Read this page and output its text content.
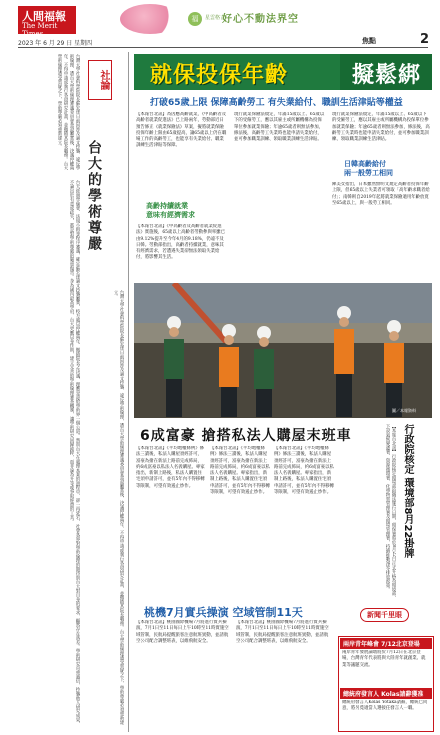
人間福報
The Merit Times
2023 年 6 月 29 日 星期四
福	星雲格言
好心不動法界空
焦點	2
社論
台大的學術尊嚴
台灣大學社會科學院院長蘇宏達日前因涉及論文抄襲、違反學術倫理，遭台大學術倫理審議委員會查證屬實後，決議停權兩年、不得申請或執行各項研究計畫，並撤銷其院長職務。台大學術倫理遭受質疑之下，學術尊嚴必須重新建立。
台大經過學倫會、法規小組等程序審議，確定蘇宏達論文抄襲屬實，校方處以停權兩年、撤銷院長之決議，理應是還給學術界一個公道。然而台大在處理本案的過程中，卻一再延宕，社會各界對學術倫理的期待與台大對自身的要求，顯然存在落差。學術研究首重誠信，抄襲他人研究成果，不論出於有意或疏失，都是對學術尊嚴的嚴重傷害。身為國內最高學府，台大更應以身作則，建立完善的學術倫理審查機制，讓學術研究回歸純粹，而非淪為升等或爭取經費的工具。	台灣大學社會科學院院長蘇宏達日前因涉及論文抄襲、違反學術倫理，遭台大學術倫理審議委員會查證屬實後，決議停權兩年、不得申請或執行各項研究計畫，並撤銷其院長職務。台大學術倫理遭受質疑之下，學術尊嚴必須重新建立。
就保投保年齡	擬鬆綁
打破65歲上限 保障高齡勞工 有失業給付、職訓生活津貼等權益
【本報台北訊】為因應高齡就業，《中高齡者及高齡者就業促進法》已上路兩年，勞動部近日預告修正《就業保險法》草案，擬將就業保險投保年齡上限由65歲提高，讓65歲以上仍在職場工作的高齡勞工，也能享有失業給付、職業訓練生活津貼等保障。
高齡持續就業
意味有經濟需求
【本報台北訊】《中高齡者及高齡者就業促進法》實施後，65歲以上高齡者勞動參與率雖已由9.12%提升至今年4月的9.18%，仍遠不及日韓。勞動部指出，高齡者持續就業，意味其有經濟需求，若遭遇失業卻無法領取失業給付，將影響其生活。
現行就業保險法規定，年滿15歲以上、65歲以下的受僱勞工，應以其雇主或所屬機構為投保單位參加就業保險；年逾65歲者則無法參加，修法後，高齡勞工失業時也能申請失業給付，並可參加職業訓練、領取職業訓練生活津貼。
日韓高齡給付
兩一般勞工相同
現行就業保險法規定，年滿15歲以上、65歲以下的受僱勞工，應以其雇主或所屬機構為投保單位參加就業保險；年逾65歲者則無法參加，修法後，高齡勞工失業時也能申請失業給付，並可參加職業訓練、領取職業訓練生活津貼。
陳美女指出，日本雖然無明文規定高齡者投保年齡上限，但65歲以上失業者可領取「高年齡求職者給付」；南韓則自2019年起將就業保險適用年齡放寬至65歲以上，與一般勞工相同。
圖／本報資料
6成富豪 搶搭私法人購屋末班車
【本報台北訊】《平均地權條例》修法三讀後，私法人購屋須經許可，富豪為搶在新法上路前完成佈局，約6成富豪以私法人名義購屋。專家指出，新制上路後，私法人購置住宅須申請許可，並有5年內不得移轉等限制，可望有效遏止炒作。
【本報台北訊】《平均地權條例》修法三讀後，私法人購屋須經許可，富豪為搶在新法上路前完成佈局，約6成富豪以私法人名義購屋。專家指出，新制上路後，私法人購置住宅須申請許可，並有5年內不得移轉等限制，可望有效遏止炒作。
【本報台北訊】《平均地權條例》修法三讀後，私法人購屋須經許可，富豪為搶在新法上路前完成佈局，約6成富豪以私法人名義購屋。專家指出，新制上路後，私法人購置住宅須申請許可，並有5年內不得移轉等限制，可望有效遏止炒作。	行政院核定 環境部8月22掛牌
【本報台北訊】行政院核定環境部組織法施行日期，環保署將於8月22日正式升格為環境部，下設氣候變遷署、資源循環署、化學物質管理署及環境管理署，持續推動淨零排放政策。
桃機7月實兵操演 空域管制11天
【本報台北訊】桃園國際機場7月將進行實兵操演，7月1日至11日每日上午10時至11時實施空域管制，民航局提醒旅客注意航班異動，並請航空公司配合調整班表，以維飛航安全。
【本報台北訊】桃園國際機場7月將進行實兵操演，7月1日至11日每日上午10時至11時實施空域管制，民航局提醒旅客注意航班異動，並請航空公司配合調整班表，以維飛航安全。
新聞千里眼
兩岸青年峰會 7/12北京登場
兩岸青年發展論壇將於7月12日在北京登場，台灣青年代表將與大陸青年就創業、就業等議題交流。
總統府發言人 Kolas請辭獲准
總統府發言人Kolas Yotaka請辭，總統已同意，將另覓適當人選接任發言人一職。
